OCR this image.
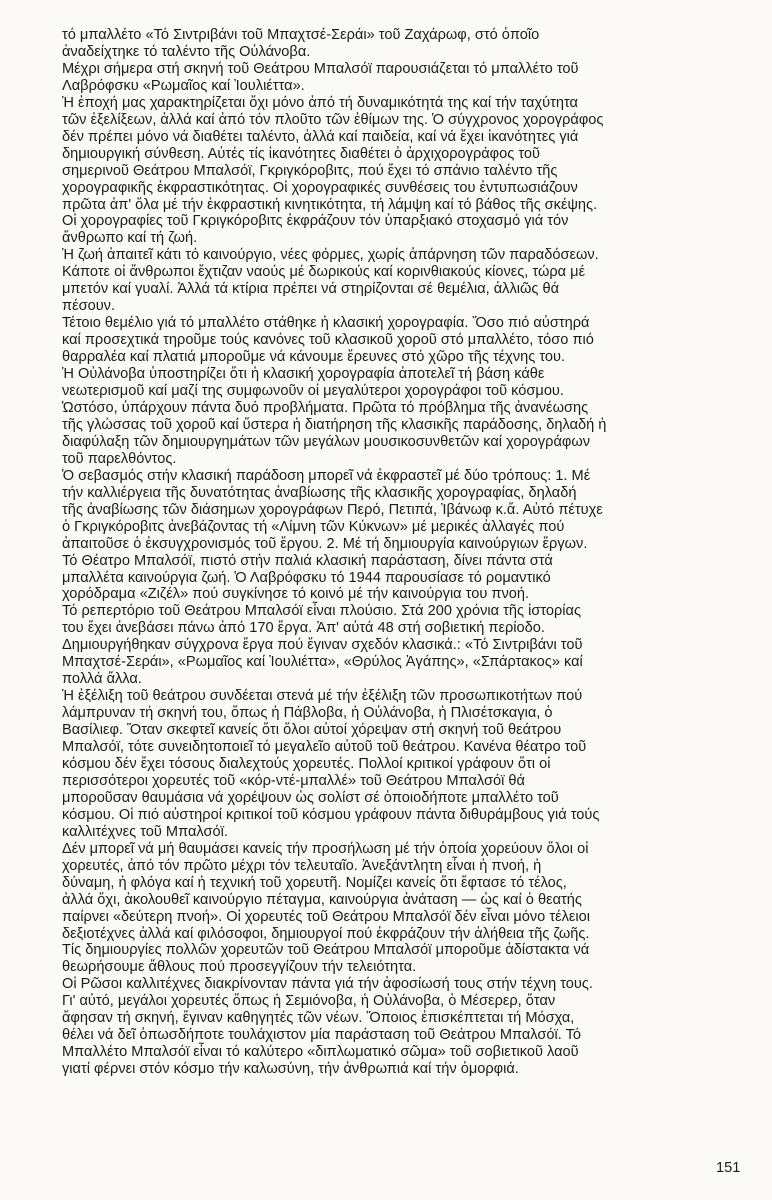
τό μπαλλέτο «Τό Σιντριβάνι τοῦ Μπαχτσέ-Σεράι» τοῦ Ζαχάρωφ, στό ὁποῖο
ἀναδείχτηκε τό ταλέντο τῆς Οὐλάνοβα.
Μέχρι σήμερα στή σκηνή τοῦ Θεάτρου Μπαλσόϊ παρουσιάζεται τό μπαλλέτο τοῦ
Λαβρόφσκυ «Ρωμαῖος καί Ἰουλιέττα».
Ἡ ἐποχή μας χαρακτηρίζεται ὄχι μόνο ἀπό τή δυναμικότητά της καί τήν ταχύτητα
τῶν ἐξελίξεων, ἀλλά καί ἀπό τόν πλοῦτο τῶν ἐθίμων της. Ὁ σύγχρονος χορογράφος
δέν πρέπει μόνο νά διαθέτει ταλέντο, ἀλλά καί παιδεία, καί νά ἔχει ἱκανότητες γιά
δημιουργική σύνθεση. Αὐτές τίς ἱκανότητες διαθέτει ὁ ἀρχιχορογράφος τοῦ
σημερινοῦ Θεάτρου Μπαλσόϊ, Γκριγκόροβιτς, πού ἔχει τό σπάνιο ταλέντο τῆς
χορογραφικῆς ἐκφραστικότητας. Οἱ χορογραφικές συνθέσεις του ἐντυπωσιάζουν
πρῶτα ἀπ' ὅλα μέ τήν ἐκφραστική κινητικότητα, τή λάμψη καί τό βάθος τῆς σκέψης.
Οἱ χορογραφίες τοῦ Γκριγκόροβιτς ἐκφράζουν τόν ὑπαρξιακό στοχασμό γιά τόν
ἄνθρωπο καί τή ζωή.
Ἡ ζωή ἀπαιτεῖ κάτι τό καινούργιο, νέες φόρμες, χωρίς ἀπάρνηση τῶν παραδόσεων.
Κάποτε οἱ ἄνθρωποι ἔχτιζαν ναούς μέ δωρικούς καί κορινθιακούς κίονες, τώρα μέ
μπετόν καί γυαλί. Ἀλλά τά κτίρια πρέπει νά στηρίζονται σέ θεμέλια, ἀλλιῶς θά
πέσουν.
Τέτοιο θεμέλιο γιά τό μπαλλέτο στάθηκε ἡ κλασική χορογραφία. Ὅσο πιό αὐστηρά
καί προσεχτικά τηροῦμε τούς κανόνες τοῦ κλασικοῦ χοροῦ στό μπαλλέτο, τόσο πιό
θαρραλέα καί πλατιά μποροῦμε νά κάνουμε ἔρευνες στό χῶρο τῆς τέχνης του.
Ἡ Οὐλάνοβα ὑποστηρίζει ὅτι ἡ κλασική χορογραφία ἀποτελεῖ τή βάση κάθε
νεωτερισμοῦ καί μαζί της συμφωνοῦν οἱ μεγαλύτεροι χορογράφοι τοῦ κόσμου.
Ὡστόσο, ὑπάρχουν πάντα δυό προβλήματα. Πρῶτα τό πρόβλημα τῆς ἀνανέωσης
τῆς γλώσσας τοῦ χοροῦ καί ὕστερα ἡ διατήρηση τῆς κλασικῆς παράδοσης, δηλαδή ἡ
διαφύλαξη τῶν δημιουργημάτων τῶν μεγάλων μουσικοσυνθετῶν καί χορογράφων
τοῦ παρελθόντος.
Ὁ σεβασμός στήν κλασική παράδοση μπορεῖ νά ἐκφραστεῖ μέ δύο τρόπους: 1. Μέ
τήν καλλιέργεια τῆς δυνατότητας ἀναβίωσης τῆς κλασικῆς χορογραφίας, δηλαδή
τῆς ἀναβίωσης τῶν διάσημων χορογράφων Περό, Πετιπά, Ἰβάνωφ κ.ἄ. Αὐτό πέτυχε
ὁ Γκριγκόροβιτς ἀνεβάζοντας τή «Λίμνη τῶν Κύκνων» μέ μερικές ἀλλαγές πού
ἀπαιτοῦσε ὁ ἐκσυγχρονισμός τοῦ ἔργου. 2. Μέ τή δημιουργία καινούργιων ἔργων.
Τό Θέατρο Μπαλσόϊ, πιστό στήν παλιά κλασική παράσταση, δίνει πάντα στά
μπαλλέτα καινούργια ζωή. Ὁ Λαβρόφσκυ τό 1944 παρουσίασε τό ρομαντικό
χορόδραμα «Ζιζέλ» πού συγκίνησε τό κοινό μέ τήν καινούργια του πνοή.
Τό ρεπερτόριο τοῦ Θεάτρου Μπαλσόϊ εἶναι πλούσιο. Στά 200 χρόνια τῆς ἱστορίας
του ἔχει ἀνεβάσει πάνω ἀπό 170 ἔργα. Ἀπ' αὐτά 48 στή σοβιετική περίοδο.
Δημιουργήθηκαν σύγχρονα ἔργα πού ἔγιναν σχεδόν κλασικά.: «Τό Σιντριβάνι τοῦ
Μπαχτσέ-Σεράι», «Ρωμαῖος καί Ἰουλιέττα», «Θρύλος Ἀγάπης», «Σπάρτακος» καί
πολλά ἄλλα.
Ἡ ἐξέλιξη τοῦ θεάτρου συνδέεται στενά μέ τήν ἐξέλιξη τῶν προσωπικοτήτων πού
λάμπρυναν τή σκηνή του, ὅπως ἡ Πάβλοβα, ἡ Οὐλάνοβα, ἡ Πλισέτσκαγια, ὁ
Βασίλιεφ. Ὅταν σκεφτεῖ κανείς ὅτι ὅλοι αὐτοί χόρεψαν στή σκηνή τοῦ θεάτρου
Μπαλσόϊ, τότε συνειδητοποιεῖ τό μεγαλεῖο αὐτοῦ τοῦ θεάτρου. Κανένα θέατρο τοῦ
κόσμου δέν ἔχει τόσους διαλεχτούς χορευτές. Πολλοί κριτικοί γράφουν ὅτι οἱ
περισσότεροι χορευτές τοῦ «κόρ-ντέ-μπαλλέ» τοῦ Θεάτρου Μπαλσόϊ θά
μποροῦσαν θαυμάσια νά χορέψουν ὡς σολίστ σέ ὁποιοδήποτε μπαλλέτο τοῦ
κόσμου. Οἱ πιό αὐστηροί κριτικοί τοῦ κόσμου γράφουν πάντα διθυράμβους γιά τούς
καλλιτέχνες τοῦ Μπαλσόϊ.
Δέν μπορεῖ νά μή θαυμάσει κανείς τήν προσήλωση μέ τήν ὁποία χορεύουν ὅλοι οἱ
χορευτές, ἀπό τόν πρῶτο μέχρι τόν τελευταῖο. Ἀνεξάντλητη εἶναι ἡ πνοή, ἡ
δύναμη, ἡ φλόγα καί ἡ τεχνική τοῦ χορευτῆ. Νομίζει κανείς ὅτι ἔφτασε τό τέλος,
ἀλλά ὄχι, ἀκολουθεῖ καινούργιο πέταγμα, καινούργια ἀνάταση — ὡς καί ὁ θεατής
παίρνει «δεύτερη πνοή». Οἱ χορευτές τοῦ Θεάτρου Μπαλσόϊ δέν εἶναι μόνο τέλειοι
δεξιοτέχνες ἀλλά καί φιλόσοφοι, δημιουργοί πού ἐκφράζουν τήν ἀλήθεια τῆς ζωῆς.
Τίς δημιουργίες πολλῶν χορευτῶν τοῦ Θεάτρου Μπαλσόϊ μποροῦμε ἀδίστακτα νά
θεωρήσουμε ἄθλους πού προσεγγίζουν τήν τελειότητα.
Οἱ Ρῶσοι καλλιτέχνες διακρίνονταν πάντα γιά τήν ἀφοσίωσή τους στήν τέχνη τους.
Γι' αὐτό, μεγάλοι χορευτές ὅπως ἡ Σεμιόνοβα, ἡ Οὐλάνοβα, ὁ Μέσερερ, ὅταν
ἄφησαν τή σκηνή, ἔγιναν καθηγητές τῶν νέων. Ὅποιος ἐπισκέπτεται τή Μόσχα,
θέλει νά δεῖ ὁπωσδήποτε τουλάχιστον μία παράσταση τοῦ Θεάτρου Μπαλσόϊ. Τό
Μπαλλέτο Μπαλσόϊ εἶναι τό καλύτερο «διπλωματικό σῶμα» τοῦ σοβιετικοῦ λαοῦ
γιατί φέρνει στόν κόσμο τήν καλωσύνη, τήν ἀνθρωπιά καί τήν ὀμορφιά.
151
